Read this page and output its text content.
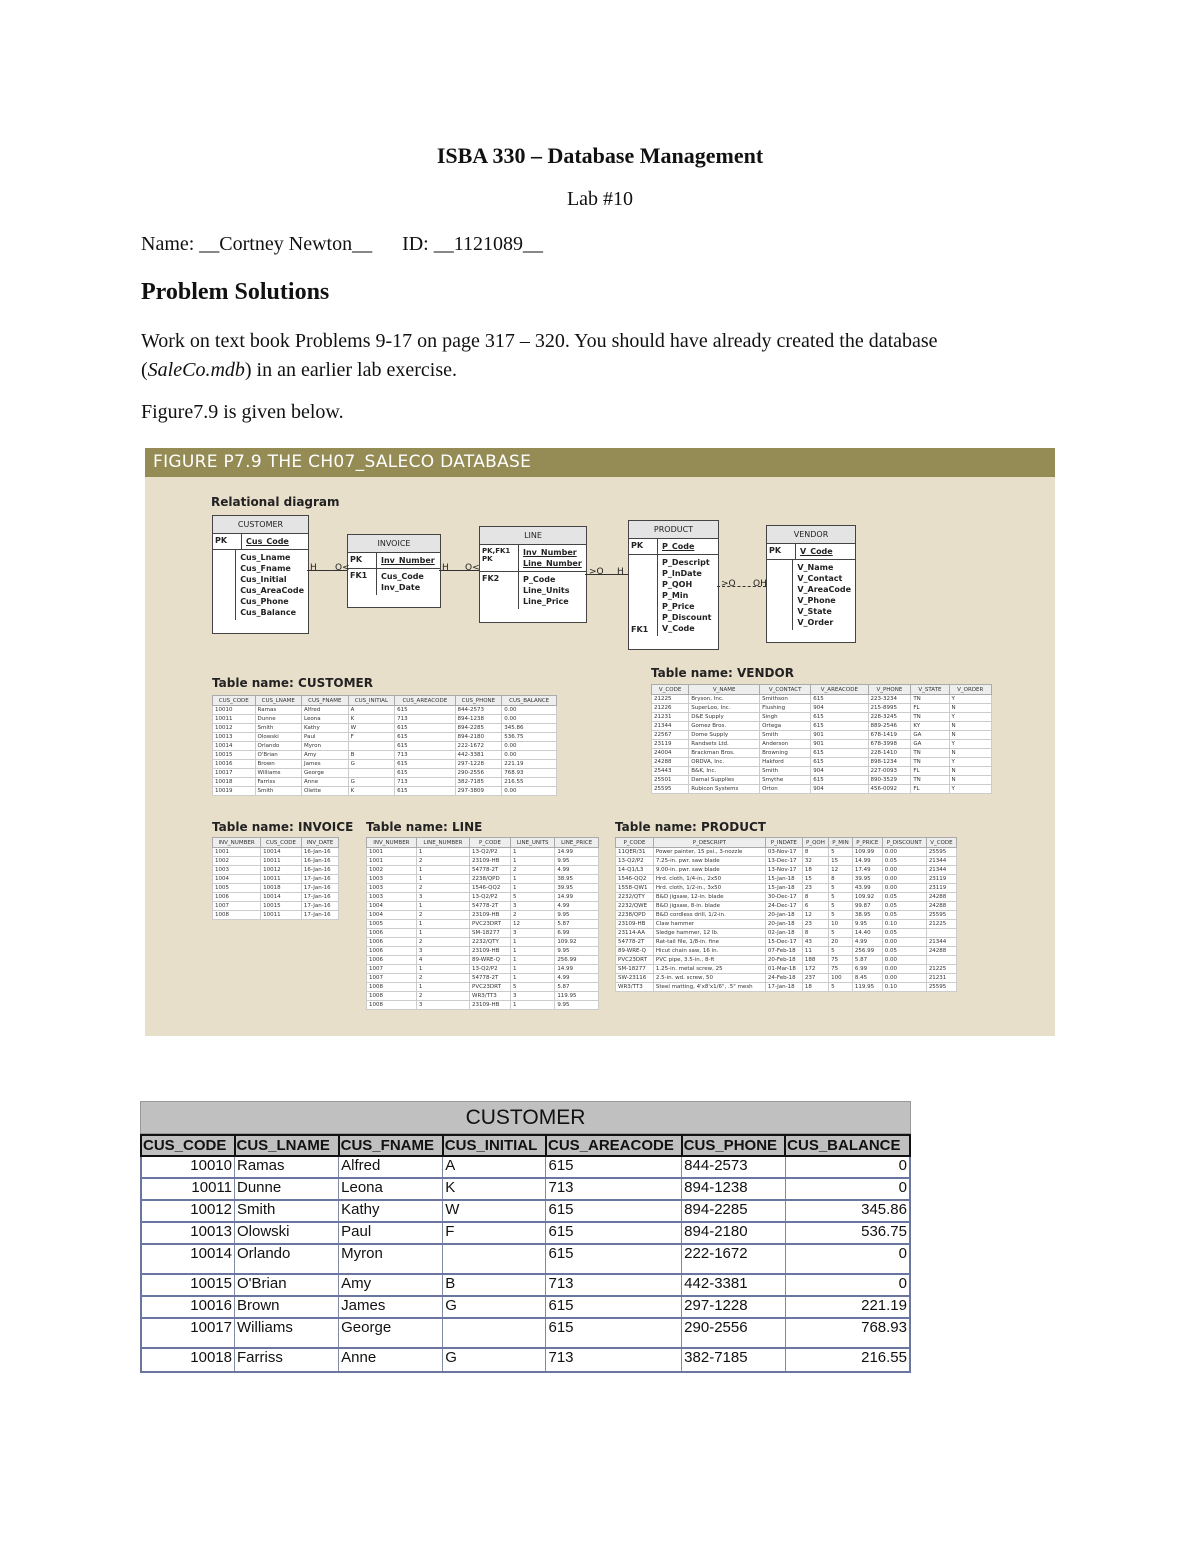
ISBA 330 – Database Management
Lab #10
Name: __Cortney Newton__      ID: __1121089__
Problem Solutions
Work on text book Problems 9-17 on page 317 – 320. You should have already created the database (SaleCo.mdb) in an earlier lab exercise.
Figure7.9 is given below.
FIGURE P7.9 THE CH07_SALECO DATABASE
Relational diagram
CUSTOMER
PK	Cus_Code
Cus_Lname
Cus_Fname
Cus_Initial
Cus_AreaCode
Cus_Phone
Cus_Balance
INVOICE
PK	Inv_Number
FK1	Cus_Code
Inv_Date
LINE
PK,FK1
PK
Inv_Number
Line_Number
FK2	P_Code
Line_Units
Line_Price
PRODUCT
PK	P_Code
FK1
P_Descript
P_InDate
P_QOH
P_Min
P_Price
P_Discount
V_Code
VENDOR
PK	V_Code
V_Name
V_Contact
V_AreaCode
V_Phone
V_State
V_Order
H O<	H O<	>O H
>O OH
Table name: CUSTOMER
Table name: VENDOR
Table name: INVOICE Table name: LINE	Table name: PRODUCT
CUS_CODE	CUS_LNAME	CUS_FNAME	CUS_INITIAL	CUS_AREACODE	CUS_PHONE	CUS_BALANCE
10010	Ramas	Alfred	A	615	844-2573	0.00
10011	Dunne	Leona	K	713	894-1238	0.00
10012	Smith	Kathy	W	615	894-2285	345.86
10013	Olowski	Paul	F	615	894-2180	536.75
10014	Orlando	Myron		615	222-1672	0.00
10015	O'Brian	Amy	B	713	442-3381	0.00
10016	Brown	James	G	615	297-1228	221.19
10017	Williams	George		615	290-2556	768.93
10018	Farriss	Anne	G	713	382-7185	216.55
10019	Smith	Olette	K	615	297-3809	0.00
V_CODE	V_NAME	V_CONTACT	V_AREACODE	V_PHONE	V_STATE	V_ORDER
21225	Bryson, Inc.	Smithson	615	223-3234	TN	Y
21226	SuperLoo, Inc.	Flushing	904	215-8995	FL	N
21231	D&E Supply	Singh	615	228-3245	TN	Y
21344	Gomez Bros.	Ortega	615	889-2546	KY	N
22567	Dome Supply	Smith	901	678-1419	GA	N
23119	Randsets Ltd.	Anderson	901	678-3998	GA	Y
24004	Brackman Bros.	Browning	615	228-1410	TN	N
24288	ORDVA, Inc.	Hakford	615	898-1234	TN	Y
25443	B&K, Inc.	Smith	904	227-0093	FL	N
25501	Damal Supplies	Smythe	615	890-3529	TN	N
25595	Rubicon Systems	Orton	904	456-0092	FL	Y
INV_NUMBER	CUS_CODE	INV_DATE
1001	10014	16-Jan-16
1002	10011	16-Jan-16
1003	10012	16-Jan-16
1004	10011	17-Jan-16
1005	10018	17-Jan-16
1006	10014	17-Jan-16
1007	10015	17-Jan-16
1008	10011	17-Jan-16
INV_NUMBER	LINE_NUMBER	P_CODE	LINE_UNITS	LINE_PRICE
1001	1	13-Q2/P2	1	14.99
1001	2	23109-HB	1	9.95
1002	1	54778-2T	2	4.99
1003	1	2238/QPD	1	38.95
1003	2	1546-QQ2	1	39.95
1003	3	13-Q2/P2	5	14.99
1004	1	54778-2T	3	4.99
1004	2	23109-HB	2	9.95
1005	1	PVC23DRT	12	5.87
1006	1	SM-18277	3	6.99
1006	2	2232/QTY	1	109.92
1006	3	23109-HB	1	9.95
1006	4	89-WRE-Q	1	256.99
1007	1	13-Q2/P2	1	14.99
1007	2	54778-2T	1	4.99
1008	1	PVC23DRT	5	5.87
1008	2	WR3/TT3	3	119.95
1008	3	23109-HB	1	9.95
P_CODE	P_DESCRIPT	P_INDATE	P_QOH	P_MIN	P_PRICE	P_DISCOUNT	V_CODE
11QER/31	Power painter, 15 psi., 3-nozzle	03-Nov-17	8	5	109.99	0.00	25595
13-Q2/P2	7.25-in. pwr. saw blade	13-Dec-17	32	15	14.99	0.05	21344
14-Q1/L3	9.00-in. pwr. saw blade	13-Nov-17	18	12	17.49	0.00	21344
1546-QQ2	Hrd. cloth, 1/4-in., 2x50	15-Jan-18	15	8	39.95	0.00	23119
1558-QW1	Hrd. cloth, 1/2-in., 3x50	15-Jan-18	23	5	43.99	0.00	23119
2232/QTY	B&D jigsaw, 12-in. blade	30-Dec-17	8	5	109.92	0.05	24288
2232/QWE	B&D jigsaw, 8-in. blade	24-Dec-17	6	5	99.87	0.05	24288
2238/QPD	B&D cordless drill, 1/2-in.	20-Jan-18	12	5	38.95	0.05	25595
23109-HB	Claw hammer	20-Jan-18	23	10	9.95	0.10	21225
23114-AA	Sledge hammer, 12 lb.	02-Jan-18	8	5	14.40	0.05	
54778-2T	Rat-tail file, 1/8-in. fine	15-Dec-17	43	20	4.99	0.00	21344
89-WRE-Q	Hicut chain saw, 16 in.	07-Feb-18	11	5	256.99	0.05	24288
PVC23DRT	PVC pipe, 3.5-in., 8-ft	20-Feb-18	188	75	5.87	0.00	
SM-18277	1.25-in. metal screw, 25	01-Mar-18	172	75	6.99	0.00	21225
SW-23116	2.5-in. wd. screw, 50	24-Feb-18	237	100	8.45	0.00	21231
WR3/TT3	Steel matting, 4'x8'x1/6", .5" mesh	17-Jan-18	18	5	119.95	0.10	25595
CUSTOMER
CUS_CODE	CUS_LNAME	CUS_FNAME	CUS_INITIAL	CUS_AREACODE	CUS_PHONE	CUS_BALANCE
10010	Ramas	Alfred	A	615	844-2573	0
10011	Dunne	Leona	K	713	894-1238	0
10012	Smith	Kathy	W	615	894-2285	345.86
10013	Olowski	Paul	F	615	894-2180	536.75
10014	Orlando	Myron		615	222-1672	0
10015	O'Brian	Amy	B	713	442-3381	0
10016	Brown	James	G	615	297-1228	221.19
10017	Williams	George		615	290-2556	768.93
10018	Farriss	Anne	G	713	382-7185	216.55
